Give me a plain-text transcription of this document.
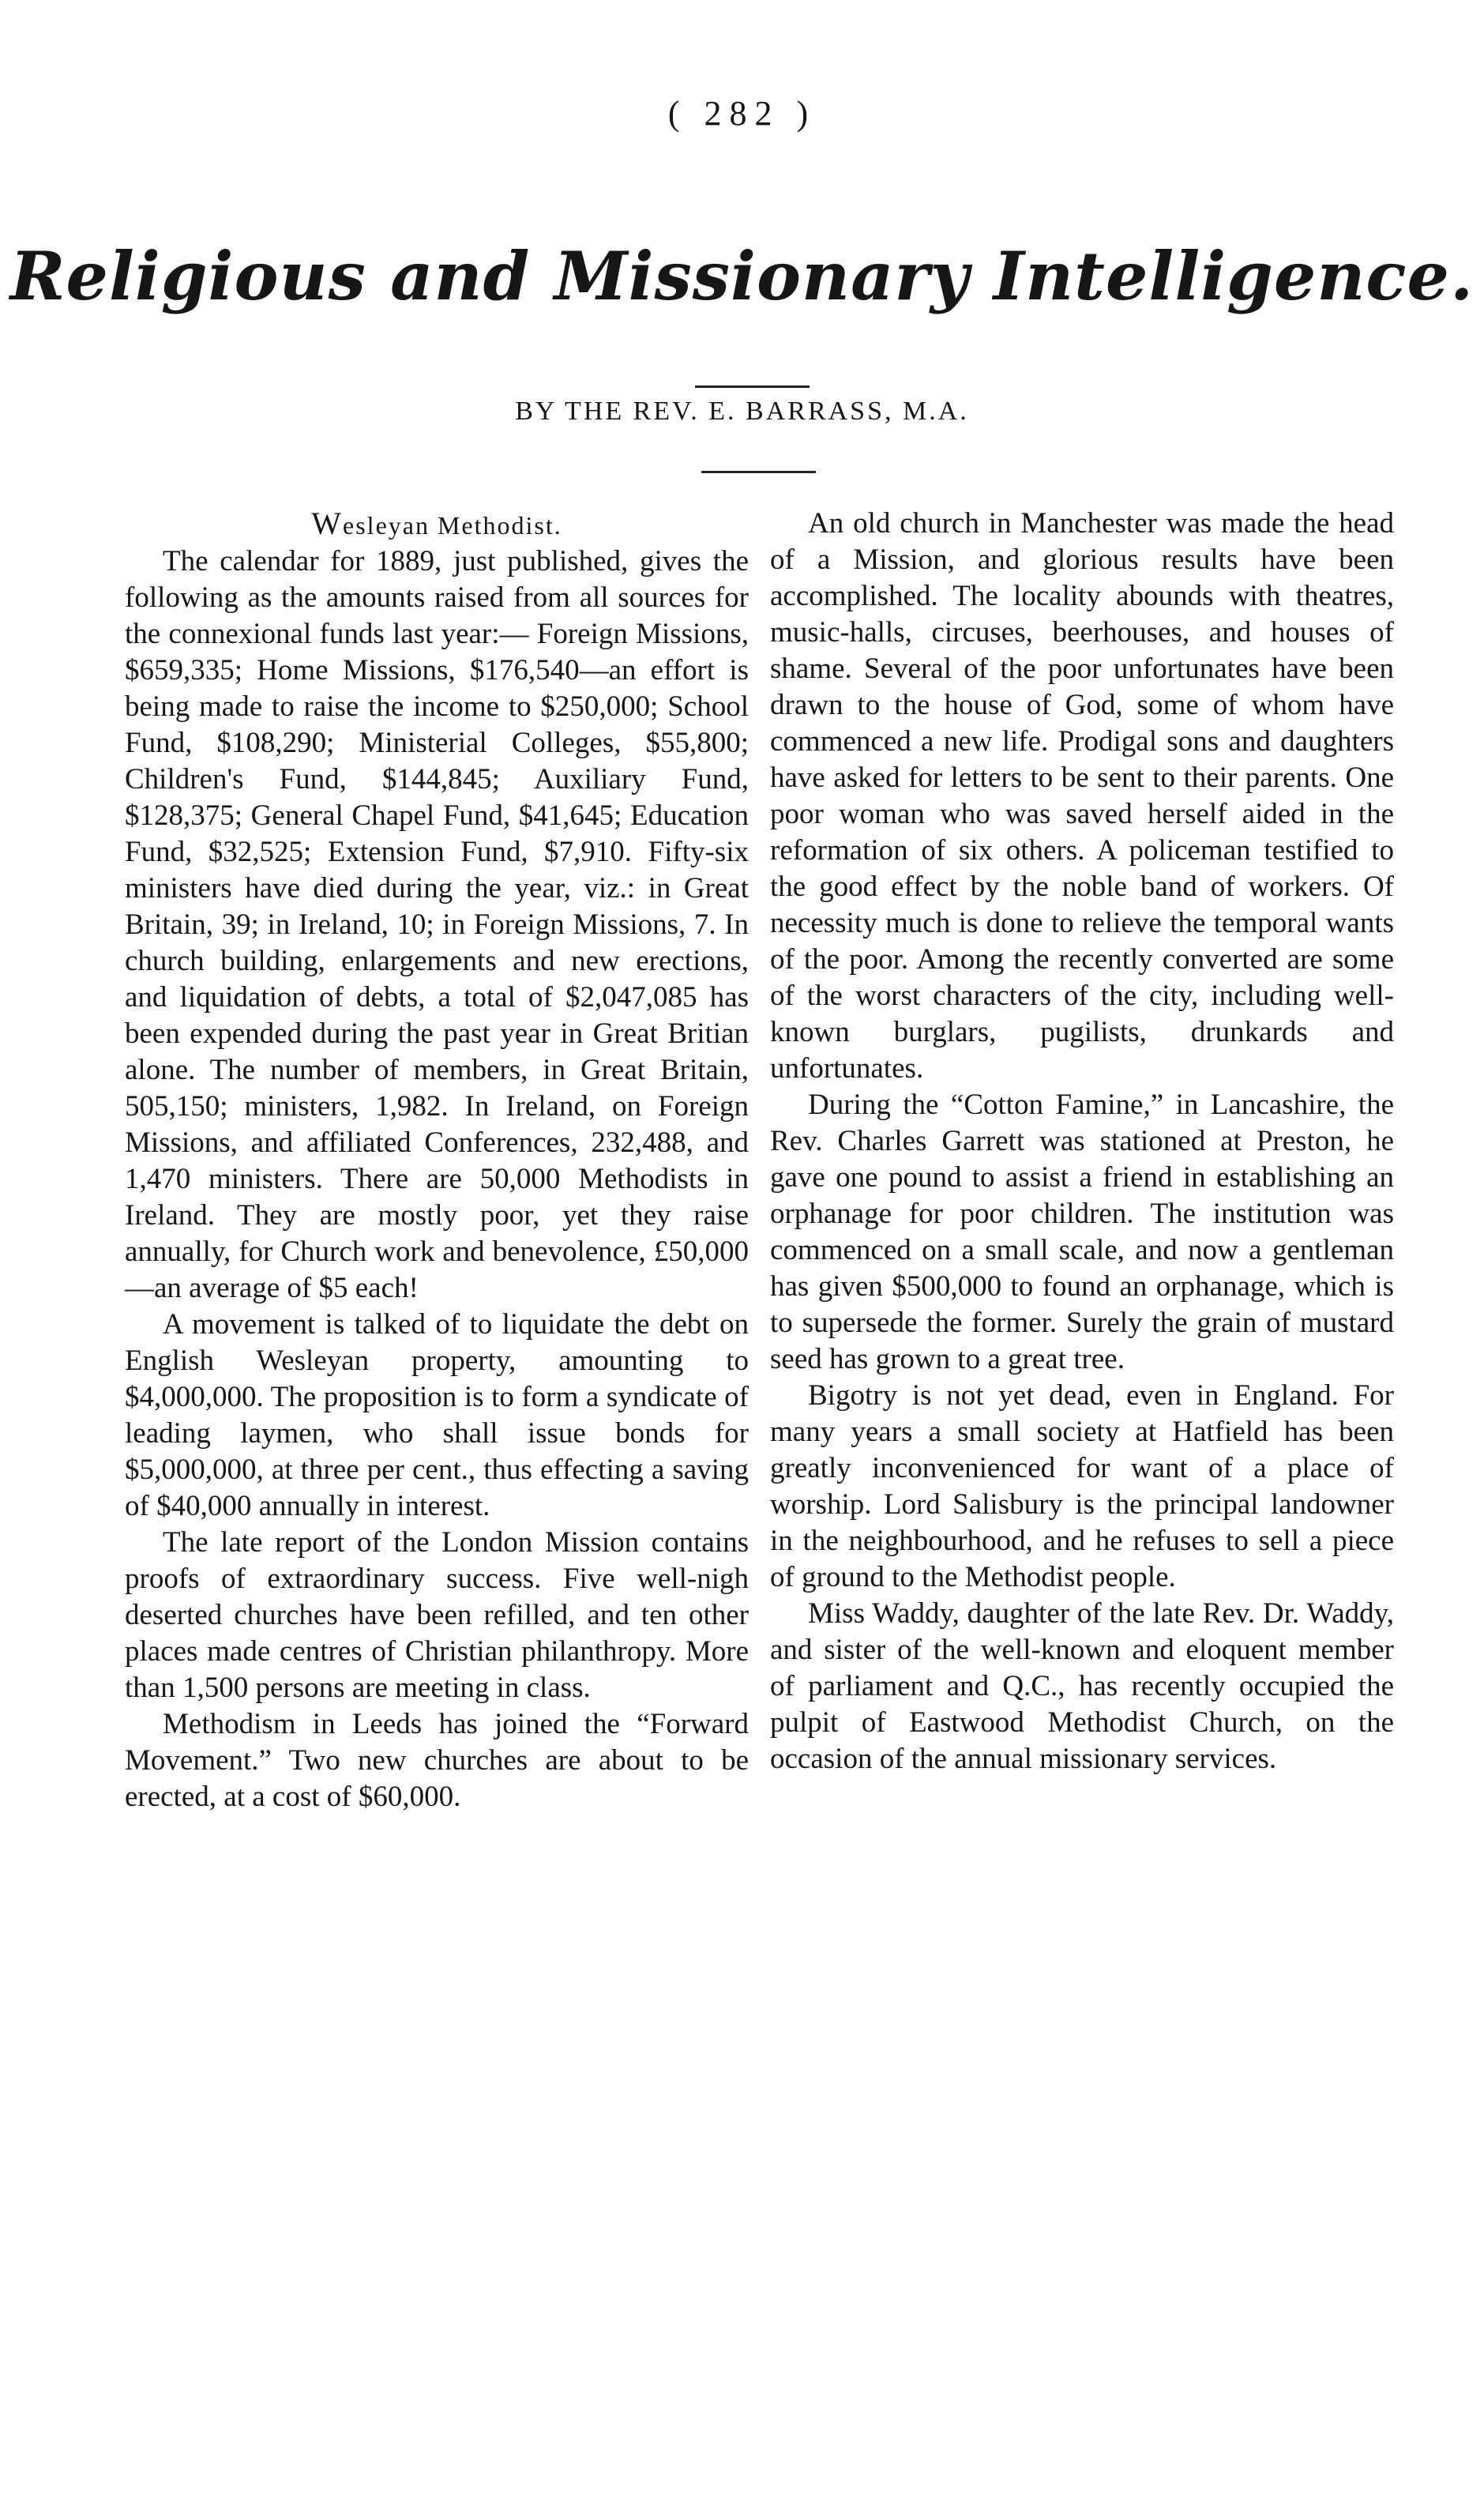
( 282 )
Religious and Missionary Intelligence.
BY THE REV. E. BARRASS, M.A.
Wesleyan Methodist.

The calendar for 1889, just published, gives the following as the amounts raised from all sources for the connexional funds last year:— Foreign Missions, $659,335; Home Missions, $176,540—an effort is being made to raise the income to $250,000; School Fund, $108,290; Ministerial Colleges, $55,800; Children's Fund, $144,845; Auxiliary Fund, $128,375; General Chapel Fund, $41,645; Education Fund, $32,525; Extension Fund, $7,910. Fifty-six ministers have died during the year, viz.: in Great Britain, 39; in Ireland, 10; in Foreign Missions, 7. In church building, enlargements and new erections, and liquidation of debts, a total of $2,047,085 has been expended during the past year in Great Britian alone. The number of members, in Great Britain, 505,150; ministers, 1,982. In Ireland, on Foreign Missions, and affiliated Conferences, 232,488, and 1,470 ministers. There are 50,000 Methodists in Ireland. They are mostly poor, yet they raise annually, for Church work and benevolence, £50,000—an average of $5 each!

A movement is talked of to liquidate the debt on English Wesleyan property, amounting to $4,000,000. The proposition is to form a syndicate of leading laymen, who shall issue bonds for $5,000,000, at three per cent., thus effecting a saving of $40,000 annually in interest.

The late report of the London Mission contains proofs of extraordinary success. Five well-nigh deserted churches have been refilled, and ten other places made centres of Christian philanthropy. More than 1,500 persons are meeting in class.

Methodism in Leeds has joined the “Forward Movement.” Two new churches are about to be erected, at a cost of $60,000.

An old church in Manchester was made the head of a Mission, and glorious results have been accomplished. The locality abounds with theatres, music-halls, circuses, beerhouses, and houses of shame. Several of the poor unfortunates have been drawn to the house of God, some of whom have commenced a new life. Prodigal sons and daughters have asked for letters to be sent to their parents. One poor woman who was saved herself aided in the reformation of six others. A policeman testified to the good effect by the noble band of workers. Of necessity much is done to relieve the temporal wants of the poor. Among the recently converted are some of the worst characters of the city, including well-known burglars, pugilists, drunkards and unfortunates.

During the “Cotton Famine,” in Lancashire, the Rev. Charles Garrett was stationed at Preston, he gave one pound to assist a friend in establishing an orphanage for poor children. The institution was commenced on a small scale, and now a gentleman has given $500,000 to found an orphanage, which is to supersede the former. Surely the grain of mustard seed has grown to a great tree.

Bigotry is not yet dead, even in England. For many years a small society at Hatfield has been greatly inconvenienced for want of a place of worship. Lord Salisbury is the principal landowner in the neighbourhood, and he refuses to sell a piece of ground to the Methodist people.

Miss Waddy, daughter of the late Rev. Dr. Waddy, and sister of the well-known and eloquent member of parliament and Q.C., has recently occupied the pulpit of Eastwood Methodist Church, on the occasion of the annual missionary services.
